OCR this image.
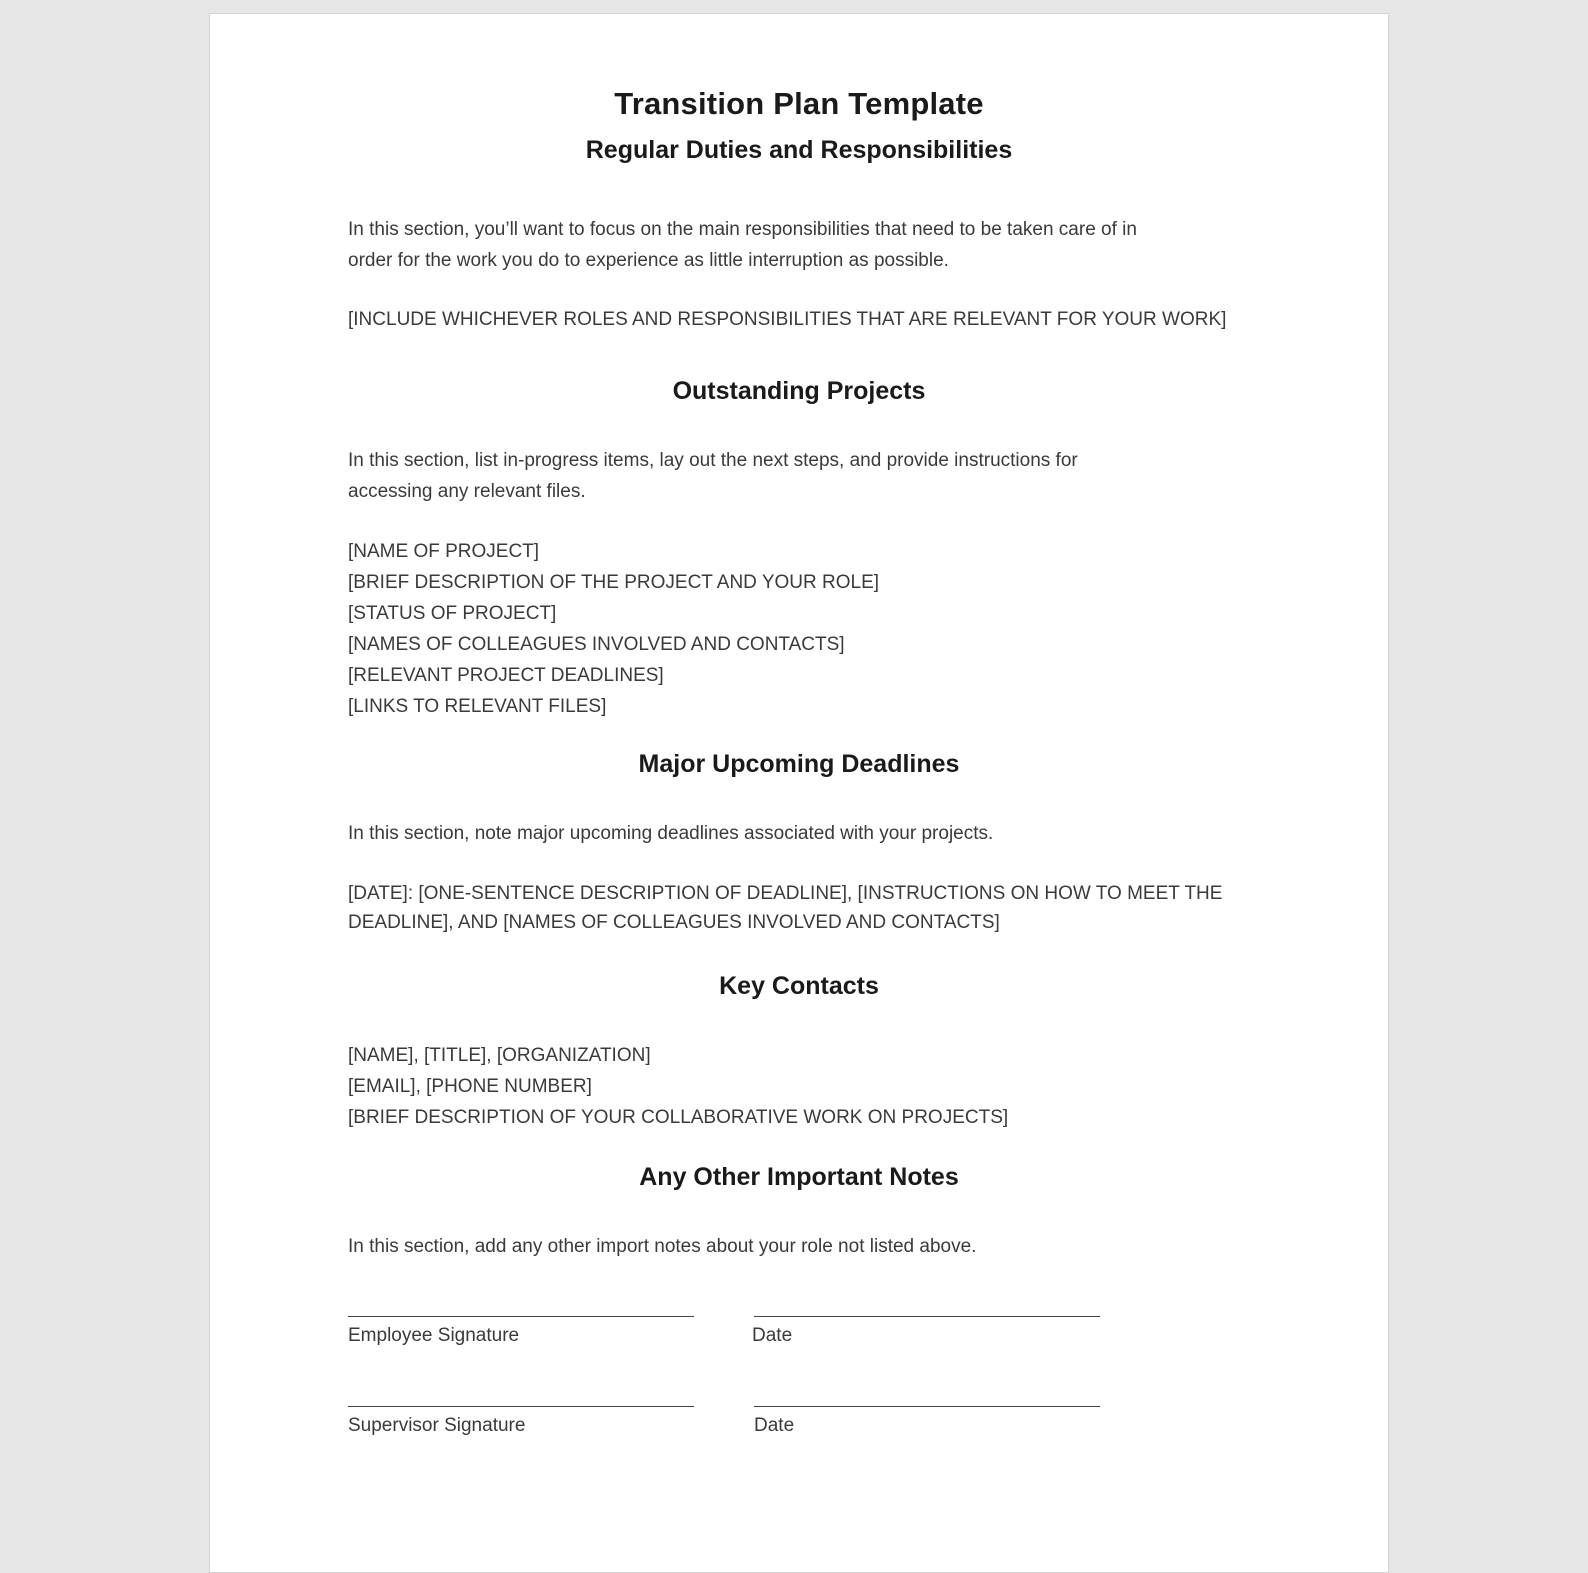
Transition Plan Template
Regular Duties and Responsibilities
In this section, you’ll want to focus on the main responsibilities that need to be taken care of in
order for the work you do to experience as little interruption as possible.
[INCLUDE WHICHEVER ROLES AND RESPONSIBILITIES THAT ARE RELEVANT FOR YOUR WORK]
Outstanding Projects
In this section, list in-progress items, lay out the next steps, and provide instructions for
accessing any relevant files.
[NAME OF PROJECT]
[BRIEF DESCRIPTION OF THE PROJECT AND YOUR ROLE]
[STATUS OF PROJECT]
[NAMES OF COLLEAGUES INVOLVED AND CONTACTS]
[RELEVANT PROJECT DEADLINES]
[LINKS TO RELEVANT FILES]
Major Upcoming Deadlines
In this section, note major upcoming deadlines associated with your projects.
[DATE]: [ONE-SENTENCE DESCRIPTION OF DEADLINE], [INSTRUCTIONS ON HOW TO MEET THE
DEADLINE], AND [NAMES OF COLLEAGUES INVOLVED AND CONTACTS]
Key Contacts
[NAME], [TITLE], [ORGANIZATION]
[EMAIL], [PHONE NUMBER]
[BRIEF DESCRIPTION OF YOUR COLLABORATIVE WORK ON PROJECTS]
Any Other Important Notes
In this section, add any other import notes about your role not listed above.
Employee Signature	Date
Supervisor Signature	Date
